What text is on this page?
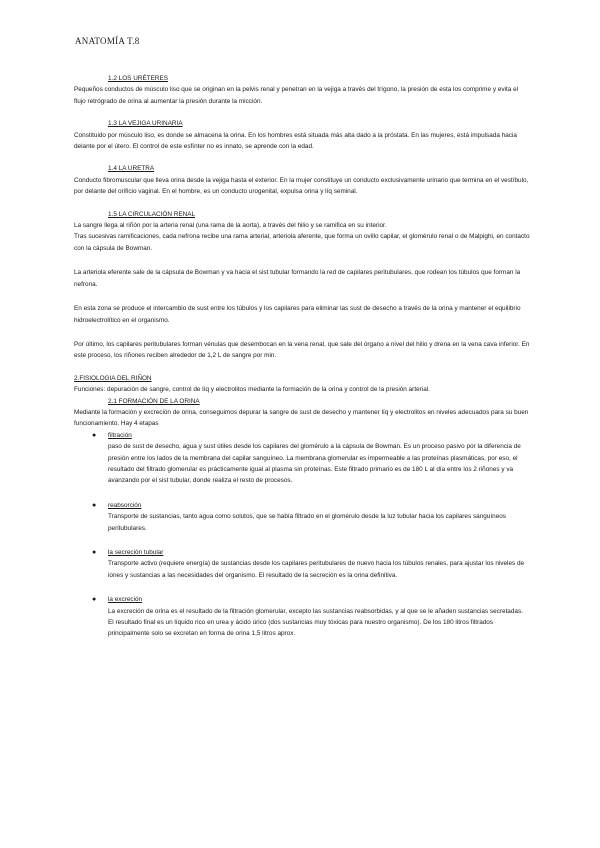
ANATOMÍA T.8

1.2 LOS URÉTERES

Pequeños conductos de músculo liso que se originan en la pelvis renal y penetran en la vejiga a través del trígono, la presión de esta los comprime y evita el flujo retrógrado de orina al aumentar la presión durante la micción.

1.3 LA VEJIGA URINARIA

Constituido por músculo liso, es donde se almacena la orina. En los hombres está situada más alta dado a la próstata. En las mujeres, está impulsada hacia delante por el útero. El control de este esfínter no es innato, se aprende con la edad.

1.4 LA URETRA

Conducto fibromuscular que lleva orina desde la vejiga hasta el exterior. En la mujer constituye un conducto exclusivamente urinario que termina en el vestíbulo, por delante del orificio vaginal. En el hombre, es un conducto urogenital, expulsa orina y líq seminal.

1.5 LA CIRCULACIÓN RENAL

La sangre llega al riñón por la arteria renal (una rama de la aorta), a través del hilio y se ramifica en su interior.

Tras sucesivas ramificaciones, cada nefrona recibe una rama arterial, arteriola aferente, que forma un ovillo capilar, el glomérulo renal o de Malpighi, en contacto con la cápsula de Bowman.

La arteriola eferente sale de la cápsula de Bowman y va hacia el sist tubular formando la red de capilares peritubulares, que rodean los túbulos que forman la nefrona.

En esta zona se produce el intercambio de sust entre los túbulos y los capilares para eliminar las sust de desecho a través de la orina y mantener el equilibrio hidroelectrolítico en el organismo.

Por último, los capilares peritubulares forman vénulas que desembocan en la vena renal, que sale del órgano a nivel del hilio y drena en la vena cava inferior. En este proceso, los riñones reciben alrededor de 1,2 L de sangre por min.

2.FISIOLOGIA DEL RIÑON

Funciones: depuración de sangre, control de líq y electrolitos mediante la formación de la orina y control de la presión arterial.

2.1 FORMACIÓN DE LA ORINA

Mediante la formación y excreción de orina, conseguimos depurar la sangre de sust de desecho y mantener líq y electrolitos en niveles adecuados para su buen funcionamiento. Hay 4 etapas

● filtración
paso de sust de desecho, agua y sust útiles desde los capilares del glomérulo a la cápsula de Bowman. Es un proceso pasivo por la diferencia de presión entre los lados de la membrana del capilar sanguíneo. La membrana glomerular es impermeable a las proteínas plasmáticas, por eso, el resultado del filtrado glomerular es prácticamente igual al plasma sin proteínas. Este filtrado primario es de 180 L al día entre los 2 riñones y va avanzando por el sist tubular, donde realiza el resto de procesos.
● reabsorción
Transporte de sustancias, tanto agua como solutos, que se había filtrado en el glomérulo desde la luz tubular hacia los capilares sanguíneos peritubulares.
● la secreción tubular
Transporte activo (requiere energía) de sustancias desde los capilares peritubulares de nuevo hacia los túbulos renales, para ajustar los niveles de iones y sustancias a las necesidades del organismo. El resultado de la secreción es la orina definitiva.
● la excreción
La excreción de orina es el resultado de la filtración glomerular, excepto las sustancias reabsorbidas, y al que se le añaden sustancias secretadas. El resultado final es un líquido rico en urea y ácido úrico (dos sustancias muy tóxicas para nuestro organismo). De los 180 litros filtrados principalmente solo se excretan en forma de orina 1,5 litros aprox.
